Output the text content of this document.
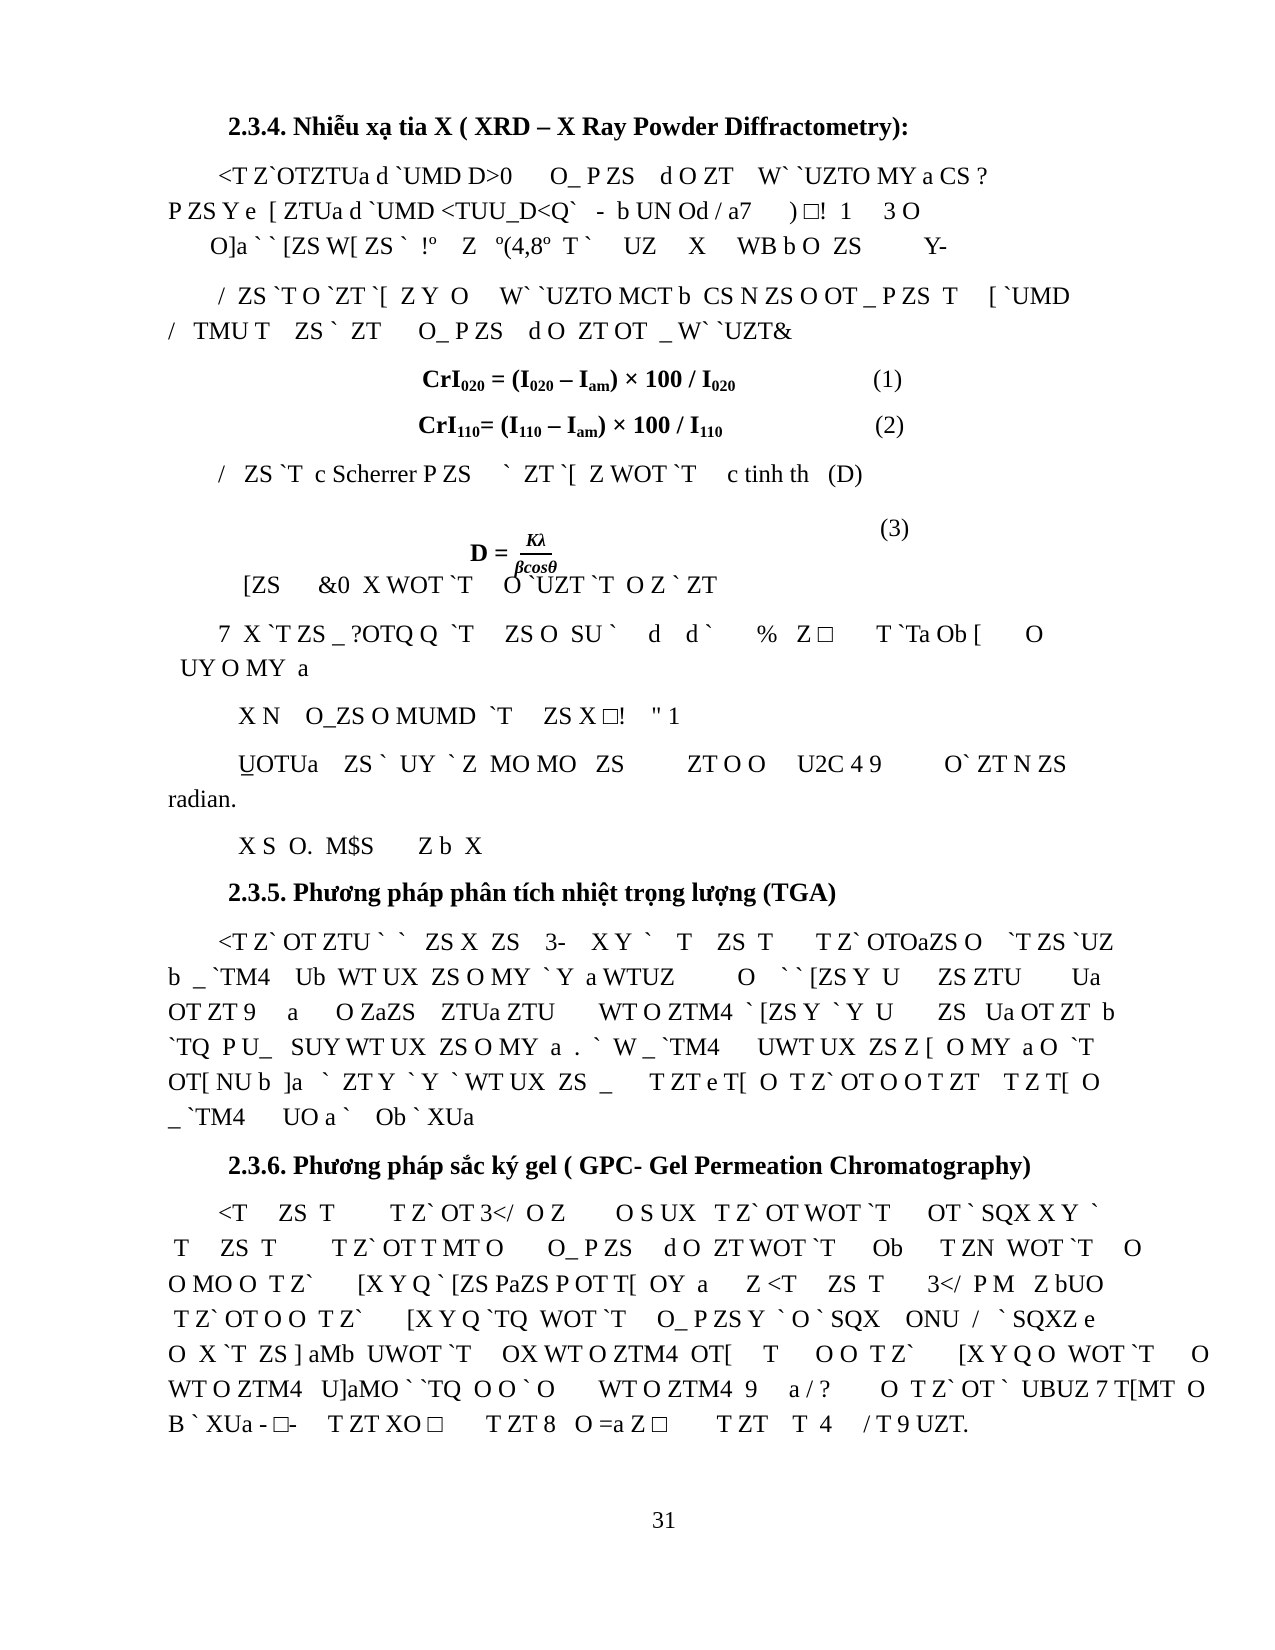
2.3.4. Nhiễu xạ tia X ( XRD – X Ray Powder Diffractometry):
<T Z`OTZTUa d `UMD D>0      O_ P ZS    d O ZT    W` `UZTO MY a CS ?
P ZS Y e  [ ZTUa d `UMD <TUU_D<Q`   -  b UN Od / a7      ) □!  1     3 O
O]a ` ` [ZS W[ ZS `  !º    Z   º(4,8º  T `     UZ     X     WB b O  ZS          Y-
/  ZS `T O `ZT `[  Z Y  O     W` `UZTO MCT b  CS N ZS O OT _ P ZS  T     [ `UMD
/   TMU T    ZS `  ZT      O_ P ZS    d O  ZT OT  _ W` `UZT&
$CrI_{020} = (I_{020} - I_{am}) \times 100 / I_{020}$	(1)
$CrI_{110}= (I_{110} - I_{am}) \times 100 / I_{110}$	(2)
/   ZS `T  c Scherrer P ZS     `  ZT `[  Z WOT `T     c tinh th   (D)
$D = \frac{K\lambda}{\beta\cos\theta}$
(3)
[ZS      &0  X WOT `T     O `UZT `T  O Z ` ZT
7  X `T ZS _ ?OTQ Q  `T     ZS O  SU `     d    d `       %   Z □       T `Ta Ob [       O
UY O MY  a
X N    O_ZS O MUMD  `T     ZS X □!    " 1
U̲OTUa    ZS `  UY  ` Z  MO MO   ZS          ZT O O     U2C 4 9          O` ZT N ZS
radian.
X S  O.  M$S       Z b  X
2.3.5. Phương pháp phân tích nhiệt trọng lượng (TGA)
<T Z` OT ZTU `  `   ZS X  ZS    3-    X Y  `    T    ZS  T       T Z` OTOaZS O    `T ZS `UZ
b  _ `TM4    Ub  WT UX  ZS O MY  ` Y  a WTUZ          O    ` ` [ZS Y  U      ZS ZTU        Ua
OT ZT 9     a      O ZaZS    ZTUa ZTU       WT O ZTM4  ` [ZS Y  ` Y  U       ZS   Ua OT ZT  b
`TQ  P U_   SUY WT UX  ZS O MY  a  .  `  W _ `TM4      UWT UX  ZS Z [  O MY  a O  `T
OT[ NU b  ]a   `  ZT Y  ` Y  ` WT UX  ZS  _      T ZT e T[  O  T Z` OT O O T ZT    T Z T[  O
_ `TM4      UO a `    Ob ` XUa
2.3.6. Phương pháp sắc ký gel ( GPC- Gel Permeation Chromatography)
<T     ZS  T         T Z` OT 3</  O Z        O S UX   T Z` OT WOT `T      OT ` SQX X Y  `
T     ZS  T         T Z` OT T MT O       O_ P ZS     d O  ZT WOT `T      Ob      T ZN  WOT `T     O
O MO O  T Z`       [X Y Q ` [ZS PaZS P OT T[  OY  a      Z <T     ZS  T       3</  P M   Z bUO
T Z` OT O O  T Z`       [X Y Q `TQ  WOT `T     O_ P ZS Y  ` O ` SQX    ONU  /   ` SQXZ e
O  X `T  ZS ] aMb  UWOT `T     OX WT O ZTM4  OT[     T      O O  T Z`       [X Y Q O  WOT `T      O
WT O ZTM4   U]aMO ` `TQ  O O ` O       WT O ZTM4  9     a / ?        O  T Z` OT `  UBUZ 7 T[MT  O
B ` XUa - □-     T ZT XO □       T ZT 8   O =a Z □        T ZT    T  4     / T 9 UZT.
31
